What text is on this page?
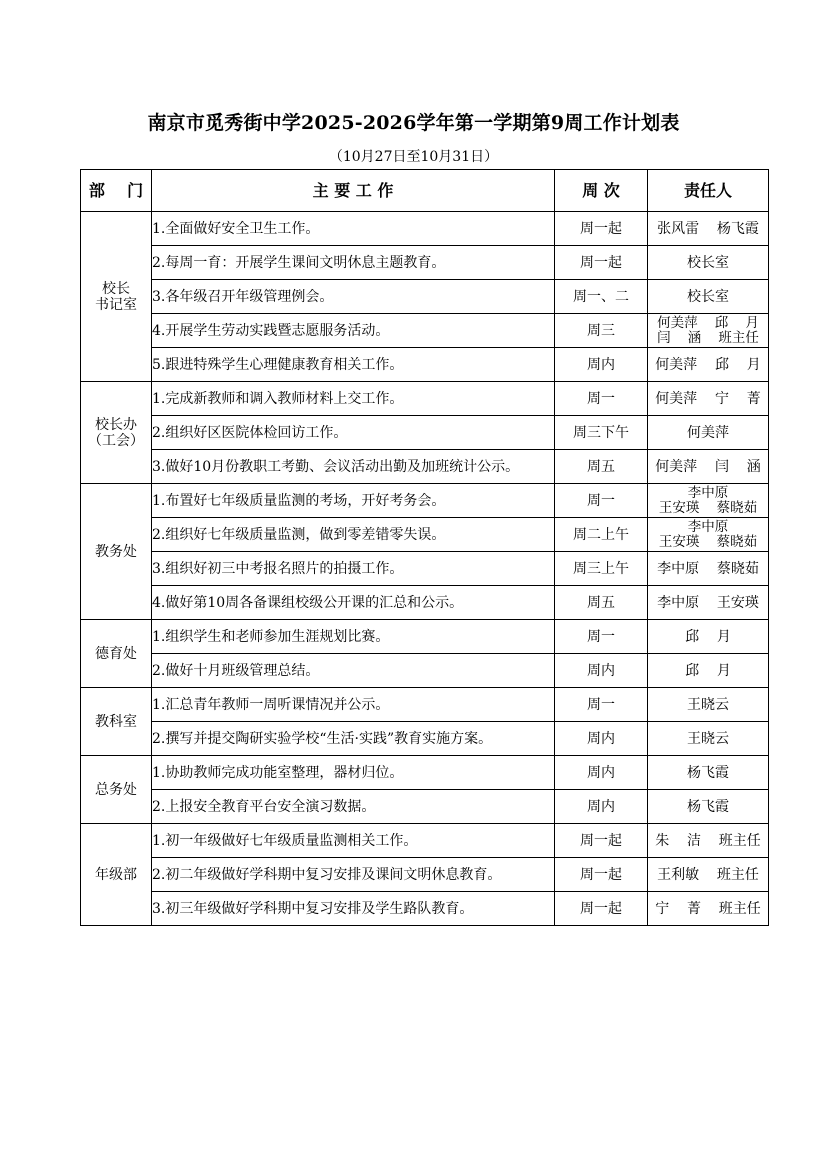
南京市觅秀街中学2025-2026学年第一学期第9周工作计划表
（10月27日至10月31日）
部    门	主 要 工 作	周 次	责任人

校长
书记室	1.全面做好安全卫生工作。	周一起	张风雷    杨飞霞
	2.每周一育：开展学生课间文明休息主题教育。	周一起	校长室
	3.各年级召开年级管理例会。	周一、二	校长室
	4.开展学生劳动实践暨志愿服务活动。	周三	何美萍    邱    月
闫    涵    班主任

	5.跟进特殊学生心理健康教育相关工作。	周内	何美萍    邱    月

校长办
（工会）	1.完成新教师和调入教师材料上交工作。	周一	何美萍    宁    菁
	2.组织好区医院体检回访工作。	周三下午	何美萍
	3.做好10月份教职工考勤、会议活动出勤及加班统计公示。	周五	何美萍    闫    涵

教务处	1.布置好七年级质量监测的考场，开好考务会。	周一	李中原
王安瑛    蔡晓茹

	2.组织好七年级质量监测，做到零差错零失误。	周二上午	李中原
王安瑛    蔡晓茹

	3.组织好初三中考报名照片的拍摄工作。	周三上午	李中原    蔡晓茹
	4.做好第10周各备课组校级公开课的汇总和公示。	周五	李中原    王安瑛

德育处	1.组织学生和老师参加生涯规划比赛。	周一	邱    月
	2.做好十月班级管理总结。	周内	邱    月

教科室	1.汇总青年教师一周听课情况并公示。	周一	王晓云
	2.撰写并提交陶研实验学校“生活·实践”教育实施方案。	周内	王晓云

总务处	1.协助教师完成功能室整理，器材归位。	周内	杨飞霞
	2.上报安全教育平台安全演习数据。	周内	杨飞霞

年级部	1.初一年级做好七年级质量监测相关工作。	周一起	朱    洁    班主任
	2.初二年级做好学科期中复习安排及课间文明休息教育。	周一起	王利敏    班主任
	3.初三年级做好学科期中复习安排及学生路队教育。	周一起	宁    菁    班主任
